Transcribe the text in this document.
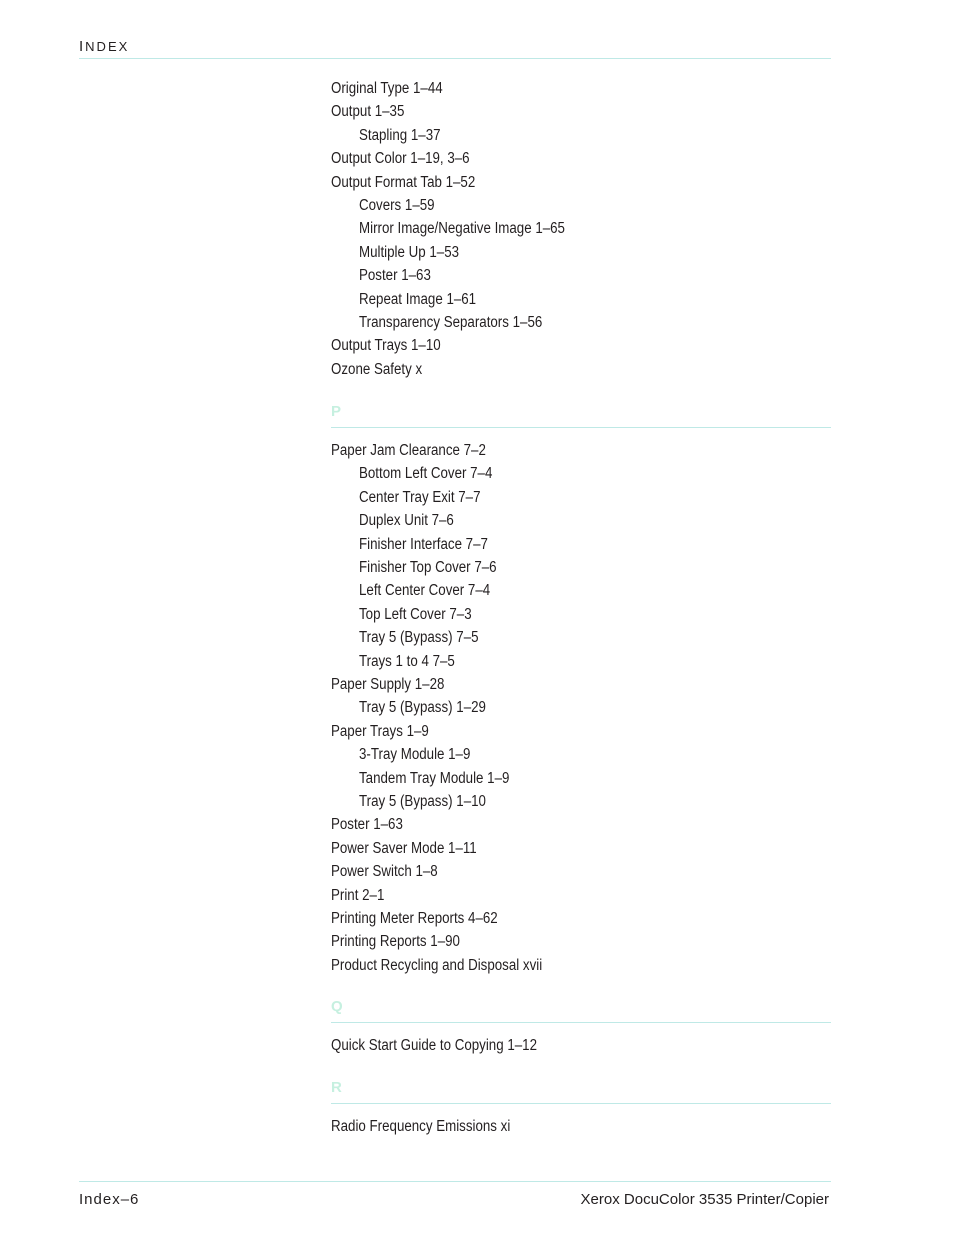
INDEX
Original Type 1–44
Output 1–35
Stapling 1–37
Output Color 1–19, 3–6
Output Format Tab 1–52
Covers 1–59
Mirror Image/Negative Image 1–65
Multiple Up 1–53
Poster 1–63
Repeat Image 1–61
Transparency Separators 1–56
Output Trays 1–10
Ozone Safety x
P
Paper Jam Clearance 7–2
Bottom Left Cover 7–4
Center Tray Exit 7–7
Duplex Unit 7–6
Finisher Interface 7–7
Finisher Top Cover 7–6
Left Center Cover 7–4
Top Left Cover 7–3
Tray 5 (Bypass) 7–5
Trays 1 to 4 7–5
Paper Supply 1–28
Tray 5 (Bypass) 1–29
Paper Trays 1–9
3-Tray Module 1–9
Tandem Tray Module 1–9
Tray 5 (Bypass) 1–10
Poster 1–63
Power Saver Mode 1–11
Power Switch 1–8
Print 2–1
Printing Meter Reports 4–62
Printing Reports 1–90
Product Recycling and Disposal xvii
Q
Quick Start Guide to Copying 1–12
R
Radio Frequency Emissions xi
Index–6	Xerox DocuColor 3535 Printer/Copier
